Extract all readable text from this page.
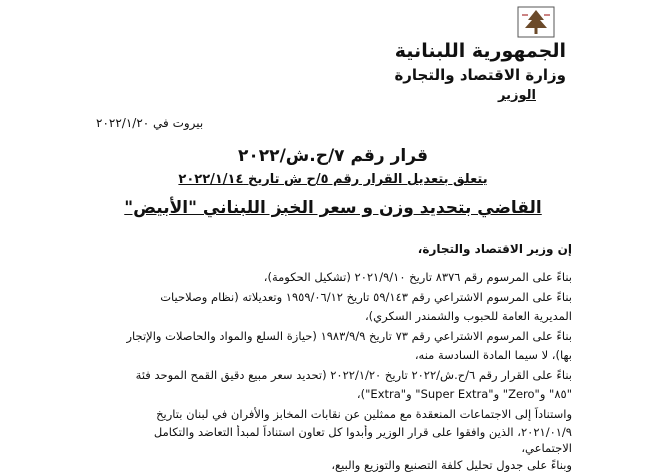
الجمهورية اللبنانية
وزارة الاقتصاد والتجارة
الوزير
بيروت في ٢٠٢٢/١/٢٠
قرار رقم ٧/ح.ش/٢٠٢٢
يتعلق بتعديل القرار رقم ٥/ح ش تاريخ ٢٠٢٢/١/١٤
القاضي بتحديد وزن و سعر الخبز اللبناني "الأبيض"
إن وزير الاقتصاد والتجارة،
بناءً على المرسوم رقم ٨٣٧٦ تاريخ ٢٠٢١/٩/١٠ (تشكيل الحكومة)،
بناءً على المرسوم الاشتراعي رقم ٥٩/١٤٣ تاريخ ١٩٥٩/٠٦/١٢ وتعديلاته (نظام وصلاحيات
المديرية العامة للحبوب والشمندر السكري)،
بناءً على المرسوم الاشتراعي رقم ٧٣ تاريخ ١٩٨٣/٩/٩ (حيازة السلع والمواد والحاصلات والإتجار
بها)، لا سيما المادة السادسة منه،
بناءً على القرار رقم ٦/ح.ش/٢٠٢٢ تاريخ ٢٠٢٢/١/٢٠ (تحديد سعر مبيع دقيق القمح الموحد فئة
"٨٥" و"Zero" و"Super Extra" و"Extra")،
واستناداً إلى الاجتماعات المنعقدة مع ممثلين عن نقابات المخابز والأفران في لبنان بتاريخ
٢٠٢١/٠١/٩، الذين وافقوا على قرار الوزير وأبدوا كل تعاون استناداً لمبدأ التعاضد والتكامل
الاجتماعي،
وبناءً على جدول تحليل كلفة التصنيع والتوزيع والبيع،
